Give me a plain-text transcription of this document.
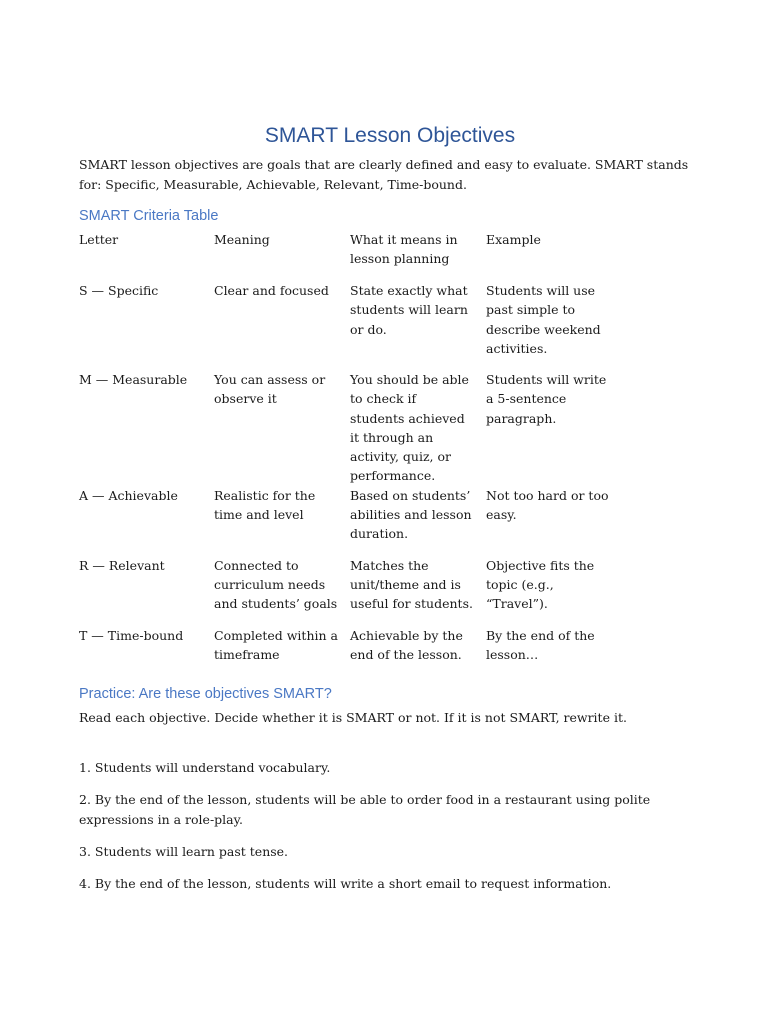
SMART Lesson Objectives

SMART lesson objectives are goals that are clearly defined and easy to evaluate. SMART stands for: Specific, Measurable, Achievable, Relevant, Time-bound.

SMART Criteria Table
Letter	Meaning	What it means in lesson planning	Example

S — Specific	Clear and focused	State exactly what students will learn or do.	Students will use past simple to describe weekend activities.

M — Measurable	You can assess or observe it	You should be able to check if students achieved it through an activity, quiz, or performance.	Students will write a 5-sentence paragraph.

A — Achievable	Realistic for the time and level	Based on students’ abilities and lesson duration.	Not too hard or too easy.

R — Relevant	Connected to curriculum needs and students’ goals	Matches the unit/theme and is useful for students.	Objective fits the topic (e.g., “Travel”).

T — Time-bound	Completed within a timeframe	Achievable by the end of the lesson.	By the end of the lesson…
Practice: Are these objectives SMART?

Read each objective. Decide whether it is SMART or not. If it is not SMART, rewrite it.

1. Students will understand vocabulary.
2. By the end of the lesson, students will be able to order food in a restaurant using polite expressions in a role-play.
3. Students will learn past tense.
4. By the end of the lesson, students will write a short email to request information.
